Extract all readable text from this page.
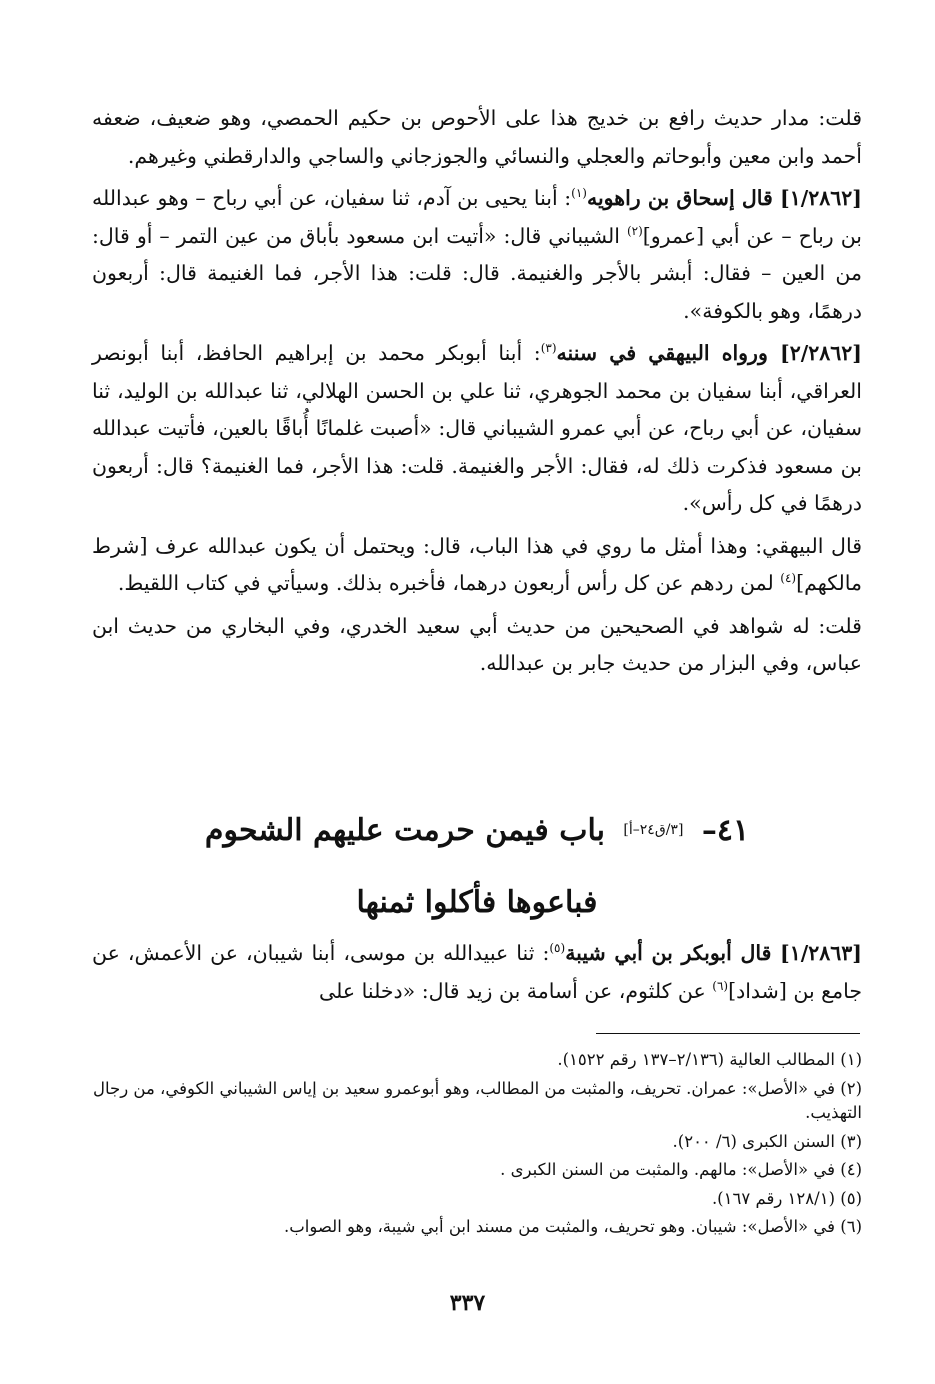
قلت: مدار حديث رافع بن خديج هذا على الأحوص بن حكيم الحمصي، وهو ضعيف، ضعفه أحمد وابن معين وأبوحاتم والعجلي والنسائي والجوزجاني والساجي والدارقطني وغيرهم.

[١/٢٨٦٢] قال إسحاق بن راهويه$^{(١)}$: أبنا يحيى بن آدم، ثنا سفيان، عن أبي رباح – وهو عبدالله بن رباح – عن أبي [عمرو]$^{(٢)}$ الشيباني قال: «أتيت ابن مسعود بأباق من عين التمر – أو قال: من العين – فقال: أبشر بالأجر والغنيمة. قال: قلت: هذا الأجر، فما الغنيمة قال: أربعون درهمًا، وهو بالكوفة».

[٢/٢٨٦٢] ورواه البيهقي في سننه$^{(٣)}$: أبنا أبوبكر محمد بن إبراهيم الحافظ، أبنا أبونصر العراقي، أبنا سفيان بن محمد الجوهري، ثنا علي بن الحسن الهلالي، ثنا عبدالله بن الوليد، ثنا سفيان، عن أبي رباح، عن أبي عمرو الشيباني قال: «أصبت غلمانًا أُباقًا بالعين، فأتيت عبدالله بن مسعود فذكرت ذلك له، فقال: الأجر والغنيمة. قلت: هذا الأجر، فما الغنيمة؟ قال: أربعون درهمًا في كل رأس».

قال البيهقي: وهذا أمثل ما روي في هذا الباب، قال: ويحتمل أن يكون عبدالله عرف [شرط مالكهم]$^{(٤)}$ لمن ردهم عن كل رأس أربعون درهما، فأخبره بذلك. وسيأتي في كتاب اللقيط.

قلت: له شواهد في الصحيحين من حديث أبي سعيد الخدري، وفي البخاري من حديث ابن عباس، وفي البزار من حديث جابر بن عبدالله.

٤١– [٣/ق٢٤–أ] باب فيمن حرمت عليهم الشحوم
فباعوها فأكلوا ثمنها

[١/٢٨٦٣] قال أبوبكر بن أبي شيبة$^{(٥)}$: ثنا عبيدالله بن موسى، أبنا شيبان، عن الأعمش، عن جامع بن [شداد]$^{(٦)}$ عن كلثوم، عن أسامة بن زيد قال: «دخلنا على

(١) المطالب العالية (٢/١٣٦–١٣٧ رقم ١٥٢٢).

(٢) في «الأصل»: عمران. تحريف، والمثبت من المطالب، وهو أبوعمرو سعيد بن إياس الشيباني الكوفي، من رجال التهذيب.

(٣) السنن الكبرى (٦/ ٢٠٠).

(٤) في «الأصل»: مالهم. والمثبت من السنن الكبرى .

(٥) (١٢٨/١ رقم ١٦٧).

(٦) في «الأصل»: شيبان. وهو تحريف، والمثبت من مسند ابن أبي شيبة، وهو الصواب.

٣٣٧
